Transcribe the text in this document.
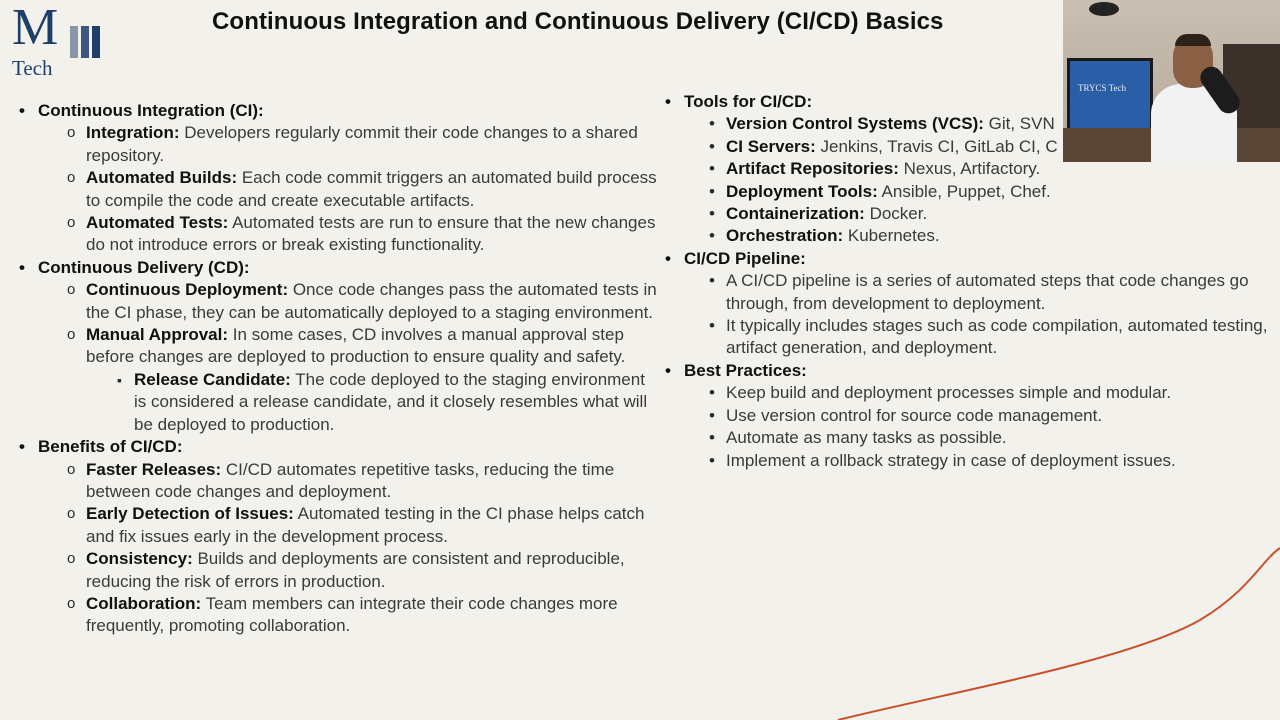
M
Tech
Continuous Integration and Continuous Delivery (CI/CD) Basics
• Continuous Integration (CI):
o Integration: Developers regularly commit their code changes to a shared repository.
o Automated Builds: Each code commit triggers an automated build process to compile the code and create executable artifacts.
o Automated Tests: Automated tests are run to ensure that the new changes do not introduce errors or break existing functionality.
• Continuous Delivery (CD):
o Continuous Deployment: Once code changes pass the automated tests in the CI phase, they can be automatically deployed to a staging environment.
o Manual Approval: In some cases, CD involves a manual approval step before changes are deployed to production to ensure quality and safety.
▪ Release Candidate: The code deployed to the staging environment is considered a release candidate, and it closely resembles what will be deployed to production.
• Benefits of CI/CD:
o Faster Releases: CI/CD automates repetitive tasks, reducing the time between code changes and deployment.
o Early Detection of Issues: Automated testing in the CI phase helps catch and fix issues early in the development process.
o Consistency: Builds and deployments are consistent and reproducible, reducing the risk of errors in production.
o Collaboration: Team members can integrate their code changes more frequently, promoting collaboration.
• Tools for CI/CD:
• Version Control Systems (VCS): Git, SVN
• CI Servers: Jenkins, Travis CI, GitLab CI, C
• Artifact Repositories: Nexus, Artifactory.
• Deployment Tools: Ansible, Puppet, Chef.
• Containerization: Docker.
• Orchestration: Kubernetes.
• CI/CD Pipeline:
• A CI/CD pipeline is a series of automated steps that code changes go through, from development to deployment.
• It typically includes stages such as code compilation, automated testing, artifact generation, and deployment.
• Best Practices:
• Keep build and deployment processes simple and modular.
• Use version control for source code management.
• Automate as many tasks as possible.
• Implement a rollback strategy in case of deployment issues.
TRYCS Tech
